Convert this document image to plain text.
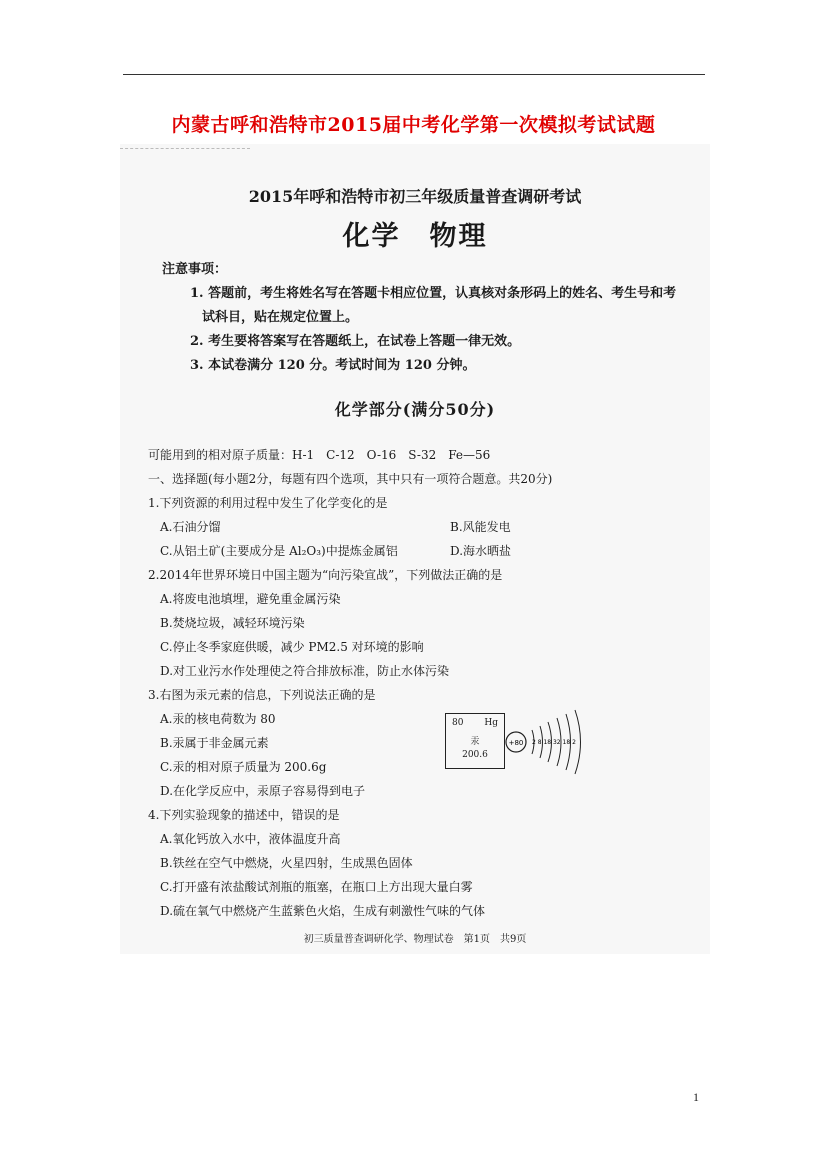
内蒙古呼和浩特市2015届中考化学第一次模拟考试试题
2015年呼和浩特市初三年级质量普查调研考试
化学　物理
注意事项：
1. 答题前，考生将姓名写在答题卡相应位置，认真核对条形码上的姓名、考生号和考
试科目，贴在规定位置上。
2. 考生要将答案写在答题纸上，在试卷上答题一律无效。
3. 本试卷满分 120 分。考试时间为 120 分钟。
化学部分(满分50分)
可能用到的相对原子质量：H-1　C-12　O-16　S-32　Fe—56
一、选择题(每小题2分，每题有四个选项，其中只有一项符合题意。共20分)
1.下列资源的利用过程中发生了化学变化的是
A.石油分馏	B.风能发电
C.从铝土矿(主要成分是 Al₂O₃)中提炼金属铝	D.海水晒盐
2.2014年世界环境日中国主题为“向污染宣战”，下列做法正确的是
A.将废电池填埋，避免重金属污染
B.焚烧垃圾，减轻环境污染
C.停止冬季家庭供暖，减少 PM2.5 对环境的影响
D.对工业污水作处理使之符合排放标准，防止水体污染
3.右图为汞元素的信息，下列说法正确的是
A.汞的核电荷数为 80
B.汞属于非金属元素
C.汞的相对原子质量为 200.6g
D.在化学反应中，汞原子容易得到电子
80 Hg
汞
200.6
+80 2 8 18 32 18 2
4.下列实验现象的描述中，错误的是
A.氧化钙放入水中，液体温度升高
B.铁丝在空气中燃烧，火星四射，生成黑色固体
C.打开盛有浓盐酸试剂瓶的瓶塞，在瓶口上方出现大量白雾
D.硫在氧气中燃烧产生蓝紫色火焰，生成有刺激性气味的气体
初三质量普查调研化学、物理试卷　第1页　共9页
1
